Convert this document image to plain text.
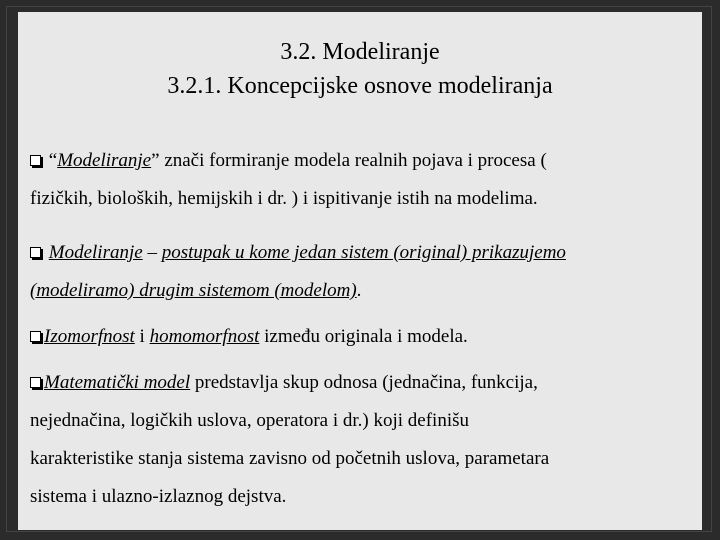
3.2. Modeliranje
3.2.1. Koncepcijske osnove modeliranja
“Modeliranje” znači formiranje modela realnih pojava i procesa (
fizičkih, bioloških, hemijskih i dr. ) i ispitivanje istih na modelima.
Modeliranje – postupak u kome jedan sistem (original) prikazujemo
(modeliramo) drugim sistemom (modelom).
Izomorfnost i homomorfnost između originala i modela.
Matematički model predstavlja skup odnosa (jednačina, funkcija,
nejednačina, logičkih uslova, operatora i dr.) koji definišu
karakteristike stanja sistema zavisno od početnih uslova, parametara
sistema i ulazno-izlaznog dejstva.
